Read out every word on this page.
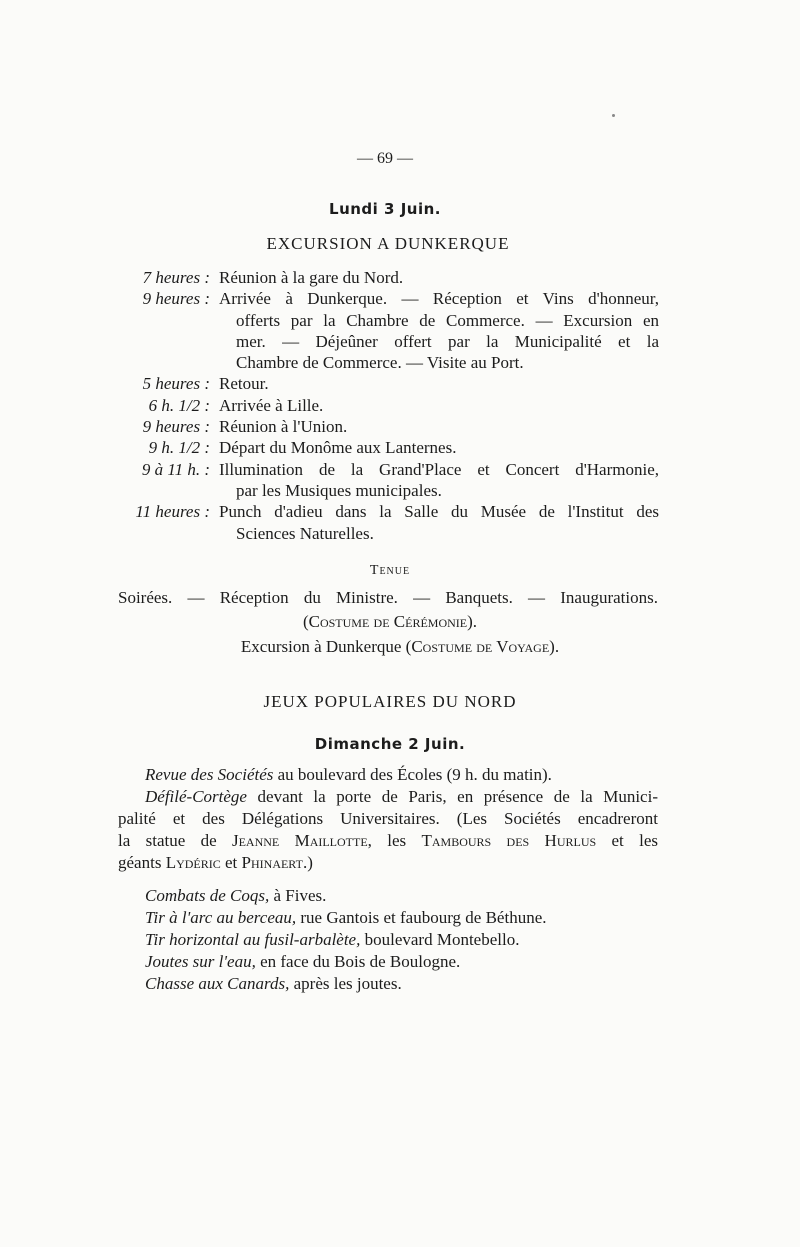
— 69 —
Lundi 3 Juin.
EXCURSION A DUNKERQUE
7 heures : Réunion à la gare du Nord.
9 heures : Arrivée à Dunkerque. — Réception et Vins d'honneur,
offerts par la Chambre de Commerce. — Excursion en
mer. — Déjeûner offert par la Municipalité et la
Chambre de Commerce. — Visite au Port.
5 heures : Retour.
6 h. 1/2 : Arrivée à Lille.
9 heures : Réunion à l'Union.
9 h. 1/2 : Départ du Monôme aux Lanternes.
9 à 11 h. : Illumination de la Grand'Place et Concert d'Harmonie,
par les Musiques municipales.
11 heures : Punch d'adieu dans la Salle du Musée de l'Institut des
Sciences Naturelles.
Tenue
Soirées. — Réception du Ministre. — Banquets. — Inaugurations.
(Costume de Cérémonie).
Excursion à Dunkerque (Costume de Voyage).
JEUX POPULAIRES DU NORD
Dimanche 2 Juin.
Revue des Sociétés au boulevard des Écoles (9 h. du matin).
Défilé-Cortège devant la porte de Paris, en présence de la Munici-
palité et des Délégations Universitaires. (Les Sociétés encadreront
la statue de Jeanne Maillotte, les Tambours des Hurlus et les
géants Lydéric et Phinaert.)
Combats de Coqs, à Fives.
Tir à l'arc au berceau, rue Gantois et faubourg de Béthune.
Tir horizontal au fusil-arbalète, boulevard Montebello.
Joutes sur l'eau, en face du Bois de Boulogne.
Chasse aux Canards, après les joutes.
